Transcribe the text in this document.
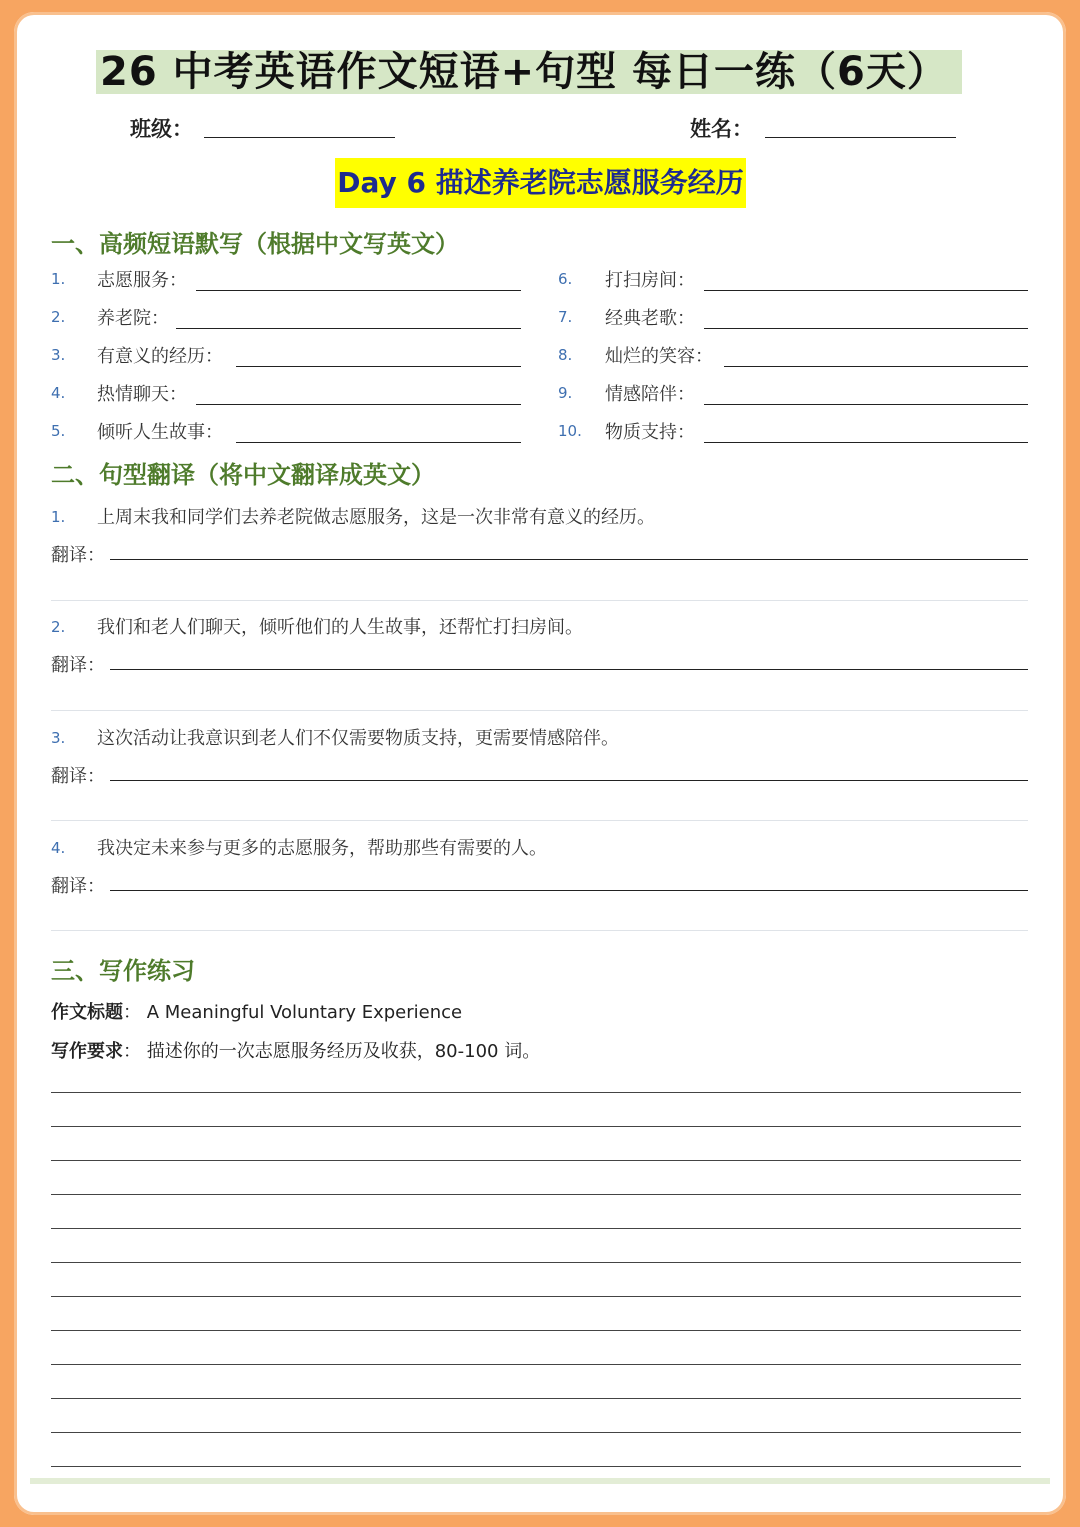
26 中考英语作文短语+句型 每日一练（6天）
班级：	姓名：
Day 6 描述养老院志愿服务经历
一、高频短语默写（根据中文写英文）
1. 志愿服务：
2. 养老院：
3. 有意义的经历：
4. 热情聊天：
5. 倾听人生故事：
6. 打扫房间：
7. 经典老歌：
8. 灿烂的笑容：
9. 情感陪伴：
10. 物质支持：
二、句型翻译（将中文翻译成英文）
1. 上周末我和同学们去养老院做志愿服务，这是一次非常有意义的经历。
翻译：
2. 我们和老人们聊天，倾听他们的人生故事，还帮忙打扫房间。
翻译：
3. 这次活动让我意识到老人们不仅需要物质支持，更需要情感陪伴。
翻译：
4. 我决定未来参与更多的志愿服务，帮助那些有需要的人。
翻译：
三、写作练习
作文标题： A Meaningful Voluntary Experience
写作要求： 描述你的一次志愿服务经历及收获，80-100 词。
